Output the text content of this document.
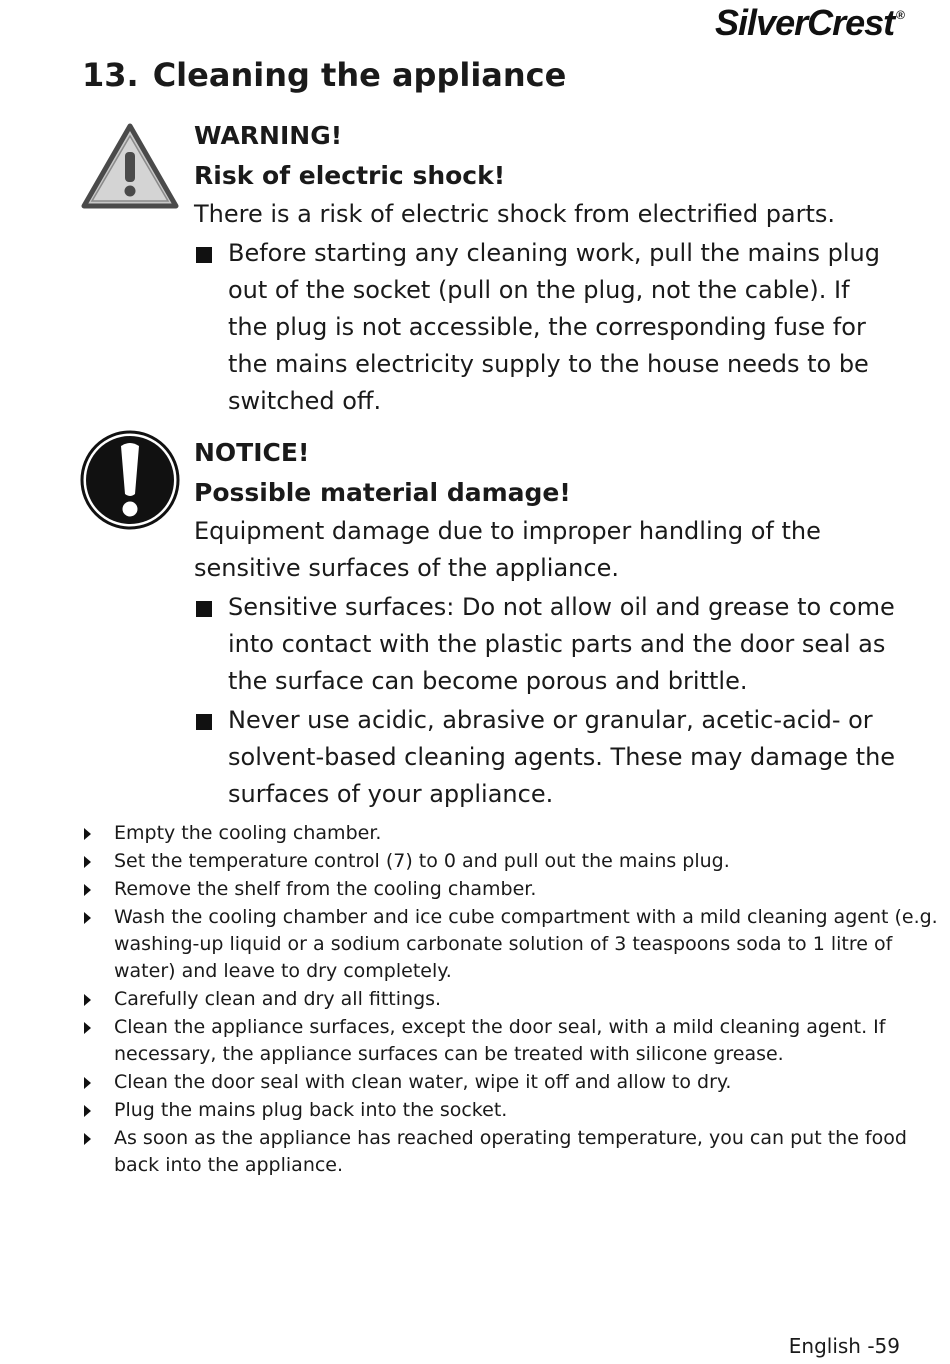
SilverCrest ®
13. Cleaning the appliance
WARNING!
Risk of electric shock!
There is a risk of electric shock from electrified parts.
Before starting any cleaning work, pull the mains plug
out of the socket (pull on the plug, not the cable). If
the plug is not accessible, the corresponding fuse for
the mains electricity supply to the house needs to be
switched off.
NOTICE!
Possible material damage!
Equipment damage due to improper handling of the
sensitive surfaces of the appliance.
Sensitive surfaces: Do not allow oil and grease to come
into contact with the plastic parts and the door seal as
the surface can become porous and brittle.
Never use acidic, abrasive or granular, acetic-acid- or
solvent-based cleaning agents. These may damage the
surfaces of your appliance.
Empty the cooling chamber.
Set the temperature control (7) to 0 and pull out the mains plug.
Remove the shelf from the cooling chamber.
Wash the cooling chamber and ice cube compartment with a mild cleaning agent (e.g.
washing-up liquid or a sodium carbonate solution of 3 teaspoons soda to 1 litre of
water) and leave to dry completely.
Carefully clean and dry all fittings.
Clean the appliance surfaces, except the door seal, with a mild cleaning agent. If
necessary, the appliance surfaces can be treated with silicone grease.
Clean the door seal with clean water, wipe it off and allow to dry.
Plug the mains plug back into the socket.
As soon as the appliance has reached operating temperature, you can put the food
back into the appliance.
English -59
